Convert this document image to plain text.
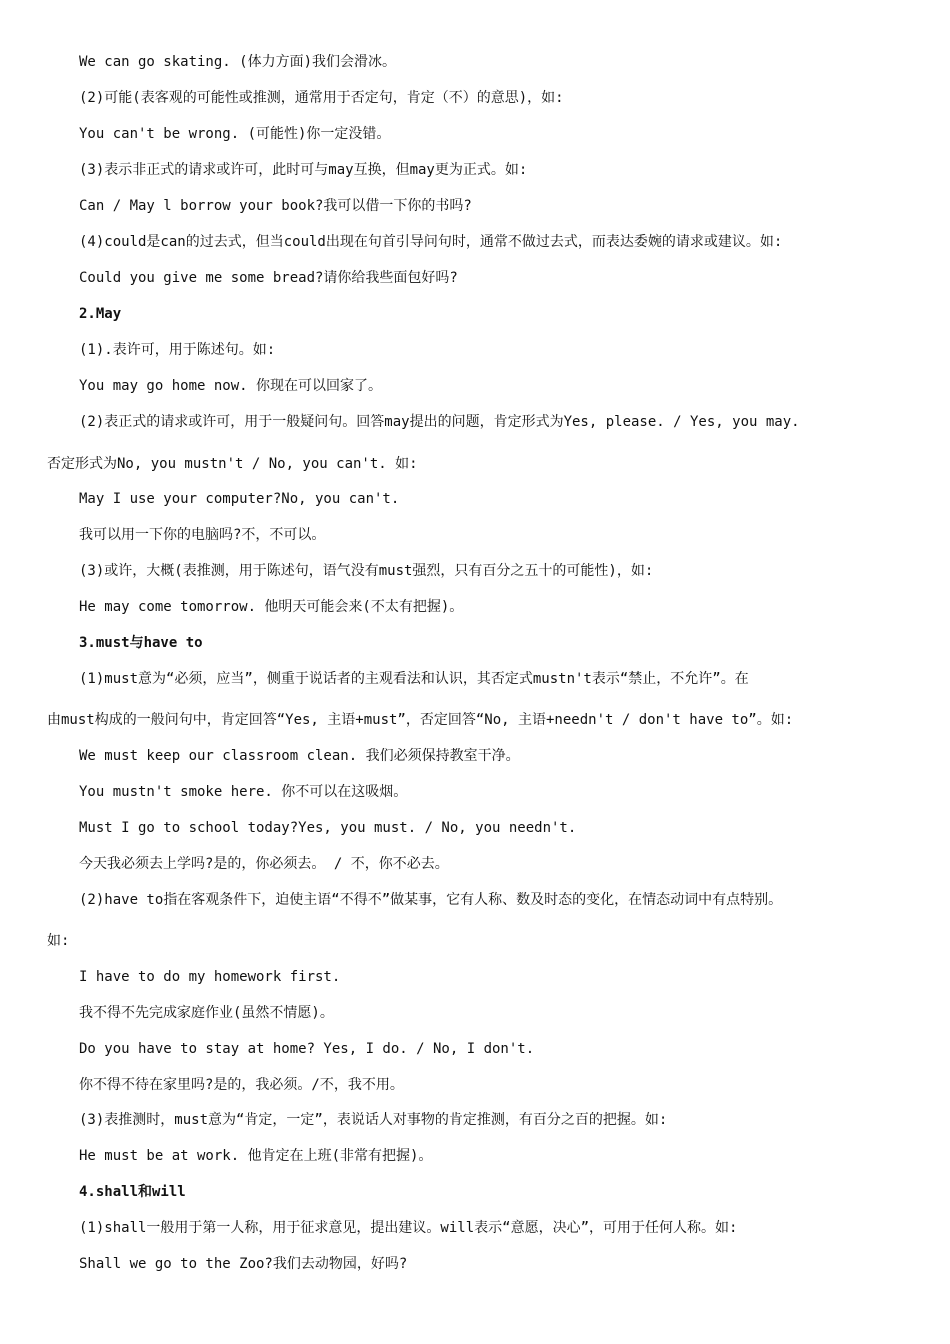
We can go skating. (体力方面)我们会滑冰。
(2)可能(表客观的可能性或推测，通常用于否定句，肯定（不）的意思)，如:
You can't be wrong. (可能性)你一定没错。
(3)表示非正式的请求或许可，此时可与may互换，但may更为正式。如:
Can / May l borrow your book?我可以借一下你的书吗?
(4)could是can的过去式，但当could出现在句首引导问句时，通常不做过去式，而表达委婉的请求或建议。如:
Could you give me some bread?请你给我些面包好吗?
2.May
(1).表许可，用于陈述句。如:
You may go home now. 你现在可以回家了。
(2)表正式的请求或许可，用于一般疑问句。回答may提出的问题，肯定形式为Yes, please. / Yes, you may.
否定形式为No, you mustn't / No, you can't. 如:
May I use your computer?No, you can't.
我可以用一下你的电脑吗?不，不可以。
(3)或许，大概(表推测，用于陈述句，语气没有must强烈，只有百分之五十的可能性)，如:
He may come tomorrow. 他明天可能会来(不太有把握)。
3.must与have to
(1)must意为“必须，应当”，侧重于说话者的主观看法和认识，其否定式mustn't表示“禁止，不允许”。在
由must构成的一般问句中，肯定回答“Yes, 主语+must”，否定回答“No, 主语+needn't / don't have to”。如:
We must keep our classroom clean. 我们必须保持教室干净。
You mustn't smoke here. 你不可以在这吸烟。
Must I go to school today?Yes, you must. / No, you needn't.
今天我必须去上学吗?是的，你必须去。 / 不，你不必去。
(2)have to指在客观条件下，迫使主语“不得不”做某事，它有人称、数及时态的变化，在情态动词中有点特别。
如:
I have to do my homework first.
我不得不先完成家庭作业(虽然不情愿)。
Do you have to stay at home? Yes, I do. / No, I don't.
你不得不待在家里吗?是的，我必须。/不，我不用。
(3)表推测时，must意为“肯定，一定”，表说话人对事物的肯定推测，有百分之百的把握。如:
He must be at work. 他肯定在上班(非常有把握)。
4.shall和will
(1)shall一般用于第一人称，用于征求意见，提出建议。will表示“意愿，决心”，可用于任何人称。如:
Shall we go to the Zoo?我们去动物园，好吗?
